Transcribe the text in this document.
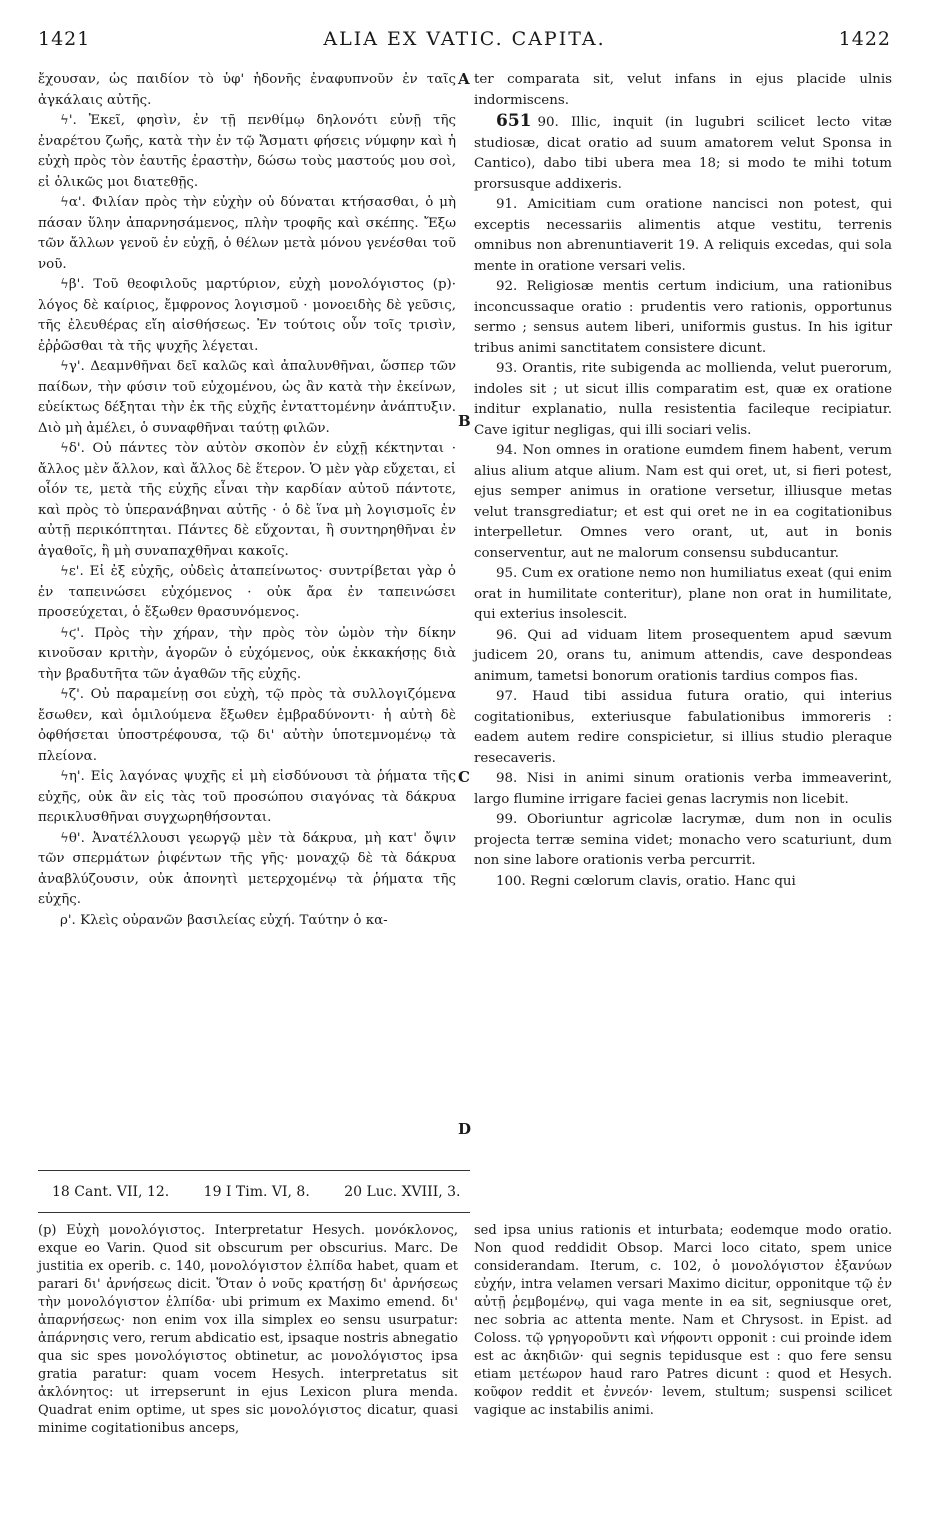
1421	ALIA EX VATIC. CAPITA.	1422

ἔχουσαν, ὡς παιδίον τὸ ὑφ' ἡδονῆς ἐναφυπνοῦν ἐν ταῖς ἀγκάλαις αὐτῆς.

ϟ'. Ἐκεῖ, φησὶν, ἐν τῇ πενθίμῳ δηλονότι εὐνῇ τῆς ἐναρέτου ζωῆς, κατὰ τὴν ἐν τῷ Ἄσματι φήσεις νύμφην καὶ ἡ εὐχὴ πρὸς τὸν ἑαυτῆς ἐραστὴν, δώσω τοὺς μαστούς μου σοὶ, εἰ ὁλικῶς μοι διατεθῇς.

ϟα'. Φιλίαν πρὸς τὴν εὐχὴν οὐ δύναται κτήσασθαι, ὁ μὴ πάσαν ὕλην ἀπαρνησάμενος, πλὴν τροφῆς καὶ σκέπης. Ἔξω τῶν ἄλλων γενοῦ ἐν εὐχῇ, ὁ θέλων μετὰ μόνου γενέσθαι τοῦ νοῦ.

ϟβ'. Τοῦ θεοφιλοῦς μαρτύριον, εὐχὴ μονολόγιστος (p)· λόγος δὲ καίριος, ἔμφρονος λογισμοῦ · μονοειδὴς δὲ γεῦσις, τῆς ἐλευθέρας εἴη αἰσθήσεως. Ἐν τούτοις οὖν τοῖς τρισὶν, ἐῤῥῶσθαι τὰ τῆς ψυχῆς λέγεται.

ϟγ'. Δεαμνθῆναι δεῖ καλῶς καὶ ἀπαλυνθῆναι, ὥσπερ τῶν παίδων, τὴν φύσιν τοῦ εὐχομένου, ὡς ἂν κατὰ τὴν ἐκείνων, εὐείκτως δέξηται τὴν ἐκ τῆς εὐχῆς ἐνταττομένην ἀνάπτυξιν. Διὸ μὴ ἀμέλει, ὁ συναφθῆναι ταύτῃ φιλῶν.

ϟδ'. Οὐ πάντες τὸν αὐτὸν σκοπὸν ἐν εὐχῇ κέκτηνται · ἄλλος μὲν ἄλλον, καὶ ἄλλος δὲ ἕτερον. Ὁ μὲν γὰρ εὔχεται, εἰ οἷόν τε, μετὰ τῆς εὐχῆς εἶναι τὴν καρδίαν αὐτοῦ πάντοτε, καὶ πρὸς τὸ ὑπερανάβηναι αὐτῆς · ὁ δὲ ἵνα μὴ λογισμοῖς ἐν αὐτῇ περικόπτηται. Πάντες δὲ εὔχονται, ἢ συντηρηθῆναι ἐν ἀγαθοῖς, ἢ μὴ συναπαχθῆναι κακοῖς.

ϟε'. Εἰ ἐξ εὐχῆς, οὐδεὶς ἀταπείνωτος· συντρίβεται γὰρ ὁ ἐν ταπεινώσει εὐχόμενος · οὐκ ἄρα ἐν ταπεινώσει προσεύχεται, ὁ ἔξωθεν θρασυνόμενος.

ϟϛ'. Πρὸς τὴν χήραν, τὴν πρὸς τὸν ὠμὸν τὴν δίκην κινοῦσαν κριτὴν, ἀγορῶν ὁ εὐχόμενος, οὐκ ἐκκακήσῃς διὰ τὴν βραδυτῆτα τῶν ἀγαθῶν τῆς εὐχῆς.

ϟζ'. Οὐ παραμείνῃ σοι εὐχὴ, τῷ πρὸς τὰ συλλογιζόμενα ἔσωθεν, καὶ ὁμιλούμενα ἔξωθεν ἐμβραδύνοντι· ἡ αὐτὴ δὲ ὀφθήσεται ὑποστρέφουσα, τῷ δι' αὐτὴν ὑποτεμνομένῳ τὰ πλείονα.

ϟη'. Εἰς λαγόνας ψυχῆς εἰ μὴ εἰσδύνουσι τὰ ῥήματα τῆς εὐχῆς, οὐκ ἂν εἰς τὰς τοῦ προσώπου σιαγόνας τὰ δάκρυα περικλυσθῆναι συγχωρηθήσονται.

ϟθ'. Ἀνατέλλουσι γεωργῷ μὲν τὰ δάκρυα, μὴ κατ' ὄψιν τῶν σπερμάτων ῥιφέντων τῆς γῆς· μοναχῷ δὲ τὰ δάκρυα ἀναβλύζουσιν, οὐκ ἀπονητὶ μετερχομένῳ τὰ ῥήματα τῆς εὐχῆς.

ρ'. Κλεὶς οὐρανῶν βασιλείας εὐχή. Ταύτην ὁ κα-

A
B
C
D

ter comparata sit, velut infans in ejus placide ulnis indormiscens.

651 90. Illic, inquit (in lugubri scilicet lecto vitæ studiosæ, dicat oratio ad suum amatorem velut Sponsa in Cantico), dabo tibi ubera mea 18; si modo te mihi totum prorsusque addixeris.

91. Amicitiam cum oratione nancisci non potest, qui exceptis necessariis alimentis atque vestitu, terrenis omnibus non abrenuntiaverit 19. A reliquis excedas, qui sola mente in oratione versari velis.

92. Religiosæ mentis certum indicium, una rationibus inconcussaque oratio : prudentis vero rationis, opportunus sermo ; sensus autem liberi, uniformis gustus. In his igitur tribus animi sanctitatem consistere dicunt.

93. Orantis, rite subigenda ac mollienda, velut puerorum, indoles sit ; ut sicut illis comparatim est, quæ ex oratione inditur explanatio, nulla resistentia facileque recipiatur. Cave igitur negligas, qui illi sociari velis.

94. Non omnes in oratione eumdem finem habent, verum alius alium atque alium. Nam est qui oret, ut, si fieri potest, ejus semper animus in oratione versetur, illiusque metas velut transgrediatur; et est qui oret ne in ea cogitationibus interpelletur. Omnes vero orant, ut, aut in bonis conserventur, aut ne malorum consensu subducantur.

95. Cum ex oratione nemo non humiliatus exeat (qui enim orat in humilitate conteritur), plane non orat in humilitate, qui exterius insolescit.

96. Qui ad viduam litem prosequentem apud sævum judicem 20, orans tu, animum attendis, cave despondeas animum, tametsi bonorum orationis tardius compos fias.

97. Haud tibi assidua futura oratio, qui interius cogitationibus, exteriusque fabulationibus immoreris : eadem autem redire conspicietur, si illius studio pleraque resecaveris.

98. Nisi in animi sinum orationis verba immeaverint, largo flumine irrigare faciei genas lacrymis non licebit.

99. Oboriuntur agricolæ lacrymæ, dum non in oculis projecta terræ semina videt; monacho vero scaturiunt, dum non sine labore orationis verba percurrit.

100. Regni cœlorum clavis, oratio. Hanc qui

18 Cant. VII, 12. 19 I Tim. VI, 8. 20 Luc. XVIII, 3.
(p) Εὐχὴ μονολόγιστος. Interpretatur Hesych. μονόκλονος, exque eo Varin. Quod sit obscurum per obscurius. Marc. De justitia ex operib. c. 140, μονολόγιστον ἐλπίδα habet, quam et parari δι' ἀρνήσεως dicit. Ὅταν ὁ νοῦς κρατήσῃ δι' ἀρνήσεως τὴν μονολόγιστον ἐλπίδα· ubi primum ex Maximo emend. δι' ἀπαρνήσεως· non enim vox illa simplex eo sensu usurpatur: ἀπάρνησις vero, rerum abdicatio est, ipsaque nostris abnegatio qua sic spes μονολόγιστος obtinetur, ac μονολόγιστος ipsa gratia paratur: quam vocem Hesych. interpretatus sit ἀκλόνητος: ut irrepserunt in ejus Lexicon plura menda. Quadrat enim optime, ut spes sic μονολόγιστος dicatur, quasi minime cogitationibus anceps,
sed ipsa unius rationis et inturbata; eodemque modo oratio. Non quod reddidit Obsop. Marci loco citato, spem unice considerandam. Iterum, c. 102, ὁ μονολόγιστον ἐξανύων εὐχήν, intra velamen versari Maximo dicitur, opponitque τῷ ἐν αὐτῇ ῥεμβομένῳ, qui vaga mente in ea sit, segniusque oret, nec sobria ac attenta mente. Nam et Chrysost. in Epist. ad Coloss. τῷ γρηγοροῦντι καὶ νήφοντι opponit : cui proinde idem est ac ἀκηδιῶν· qui segnis tepidusque est : quo fere sensu etiam μετέωρον haud raro Patres dicunt : quod et Hesych. κοῦφον reddit et ἐννεόν· levem, stultum; suspensi scilicet vagique ac instabilis animi.
